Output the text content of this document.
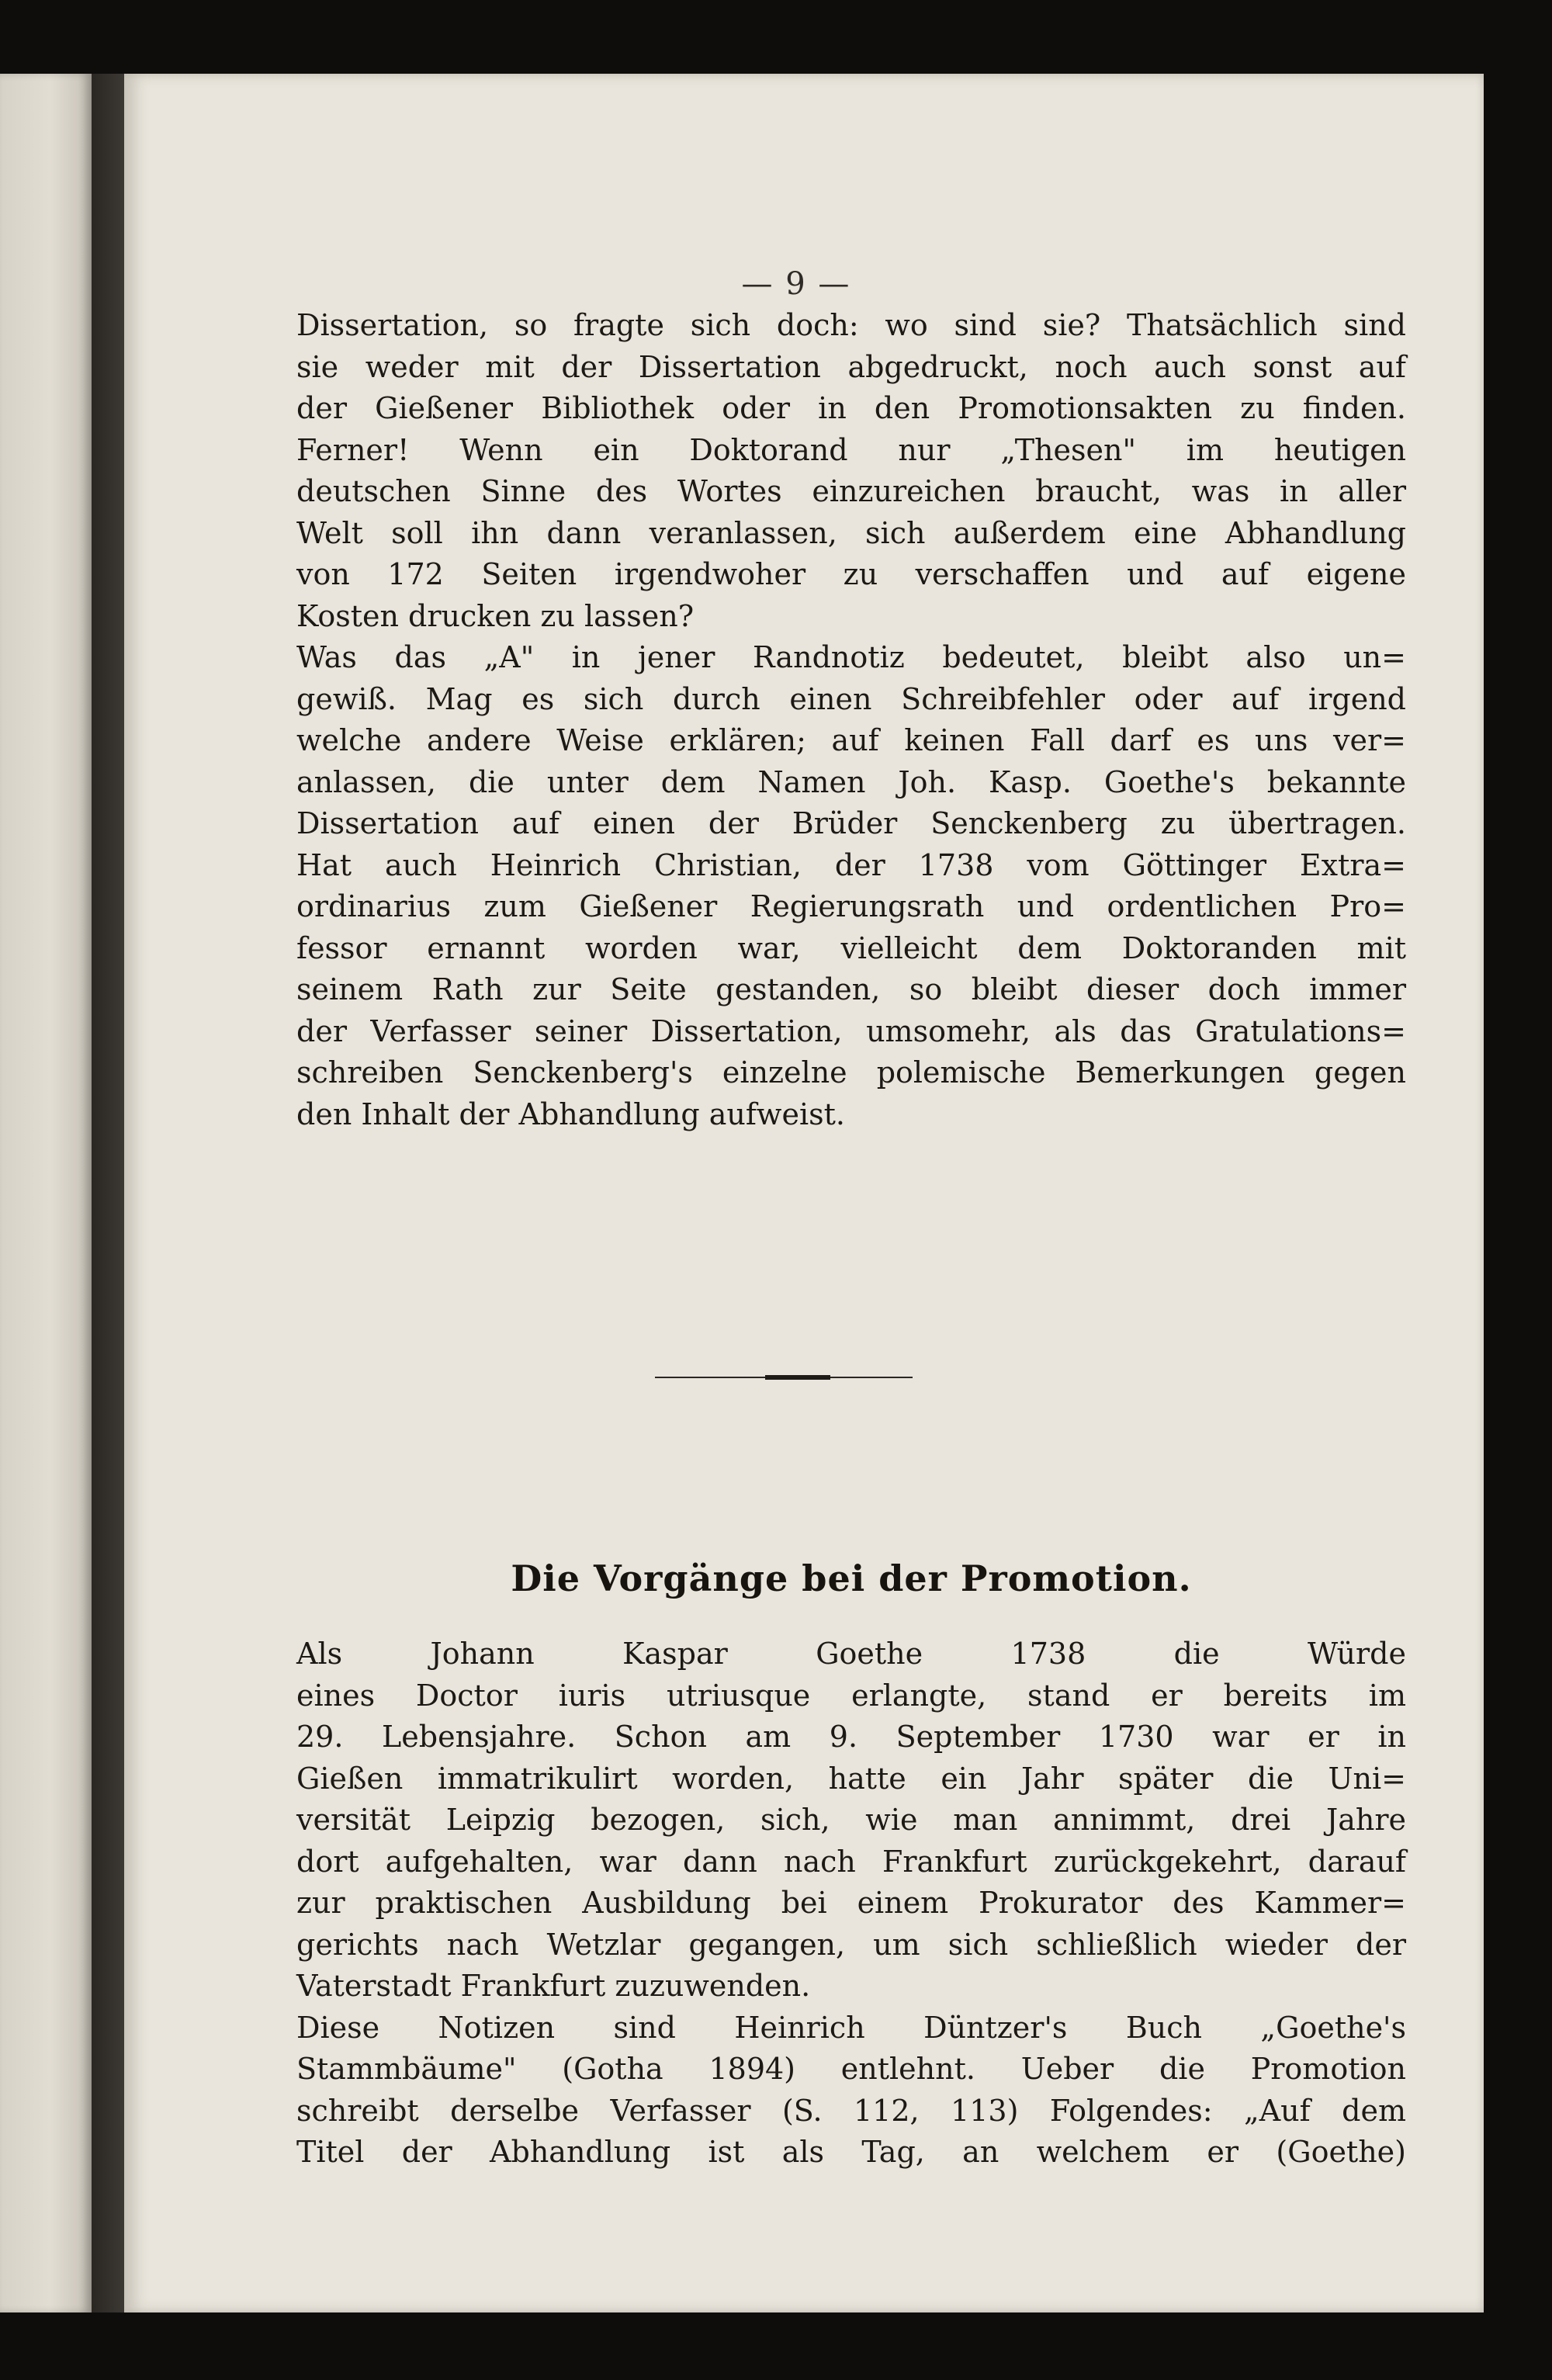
— 9 —
Dissertation, so fragte sich doch: wo sind sie? Thatsächlich sind
sie weder mit der Dissertation abgedruckt, noch auch sonst auf
der Gießener Bibliothek oder in den Promotionsakten zu finden.
Ferner! Wenn ein Doktorand nur „Thesen" im heutigen
deutschen Sinne des Wortes einzureichen braucht, was in aller
Welt soll ihn dann veranlassen, sich außerdem eine Abhandlung
von 172 Seiten irgendwoher zu verschaffen und auf eigene
Kosten drucken zu lassen?
Was das „A" in jener Randnotiz bedeutet, bleibt also un=
gewiß. Mag es sich durch einen Schreibfehler oder auf irgend
welche andere Weise erklären; auf keinen Fall darf es uns ver=
anlassen, die unter dem Namen Joh. Kasp. Goethe's bekannte
Dissertation auf einen der Brüder Senckenberg zu übertragen.
Hat auch Heinrich Christian, der 1738 vom Göttinger Extra=
ordinarius zum Gießener Regierungsrath und ordentlichen Pro=
fessor ernannt worden war, vielleicht dem Doktoranden mit
seinem Rath zur Seite gestanden, so bleibt dieser doch immer
der Verfasser seiner Dissertation, umsomehr, als das Gratulations=
schreiben Senckenberg's einzelne polemische Bemerkungen gegen
den Inhalt der Abhandlung aufweist.
Die Vorgänge bei der Promotion.
Als Johann Kaspar Goethe 1738 die Würde
eines Doctor iuris utriusque erlangte, stand er bereits im
29. Lebensjahre. Schon am 9. September 1730 war er in
Gießen immatrikulirt worden, hatte ein Jahr später die Uni=
versität Leipzig bezogen, sich, wie man annimmt, drei Jahre
dort aufgehalten, war dann nach Frankfurt zurückgekehrt, darauf
zur praktischen Ausbildung bei einem Prokurator des Kammer=
gerichts nach Wetzlar gegangen, um sich schließlich wieder der
Vaterstadt Frankfurt zuzuwenden.
Diese Notizen sind Heinrich Düntzer's Buch „Goethe's
Stammbäume" (Gotha 1894) entlehnt. Ueber die Promotion
schreibt derselbe Verfasser (S. 112, 113) Folgendes: „Auf dem
Titel der Abhandlung ist als Tag, an welchem er (Goethe)
